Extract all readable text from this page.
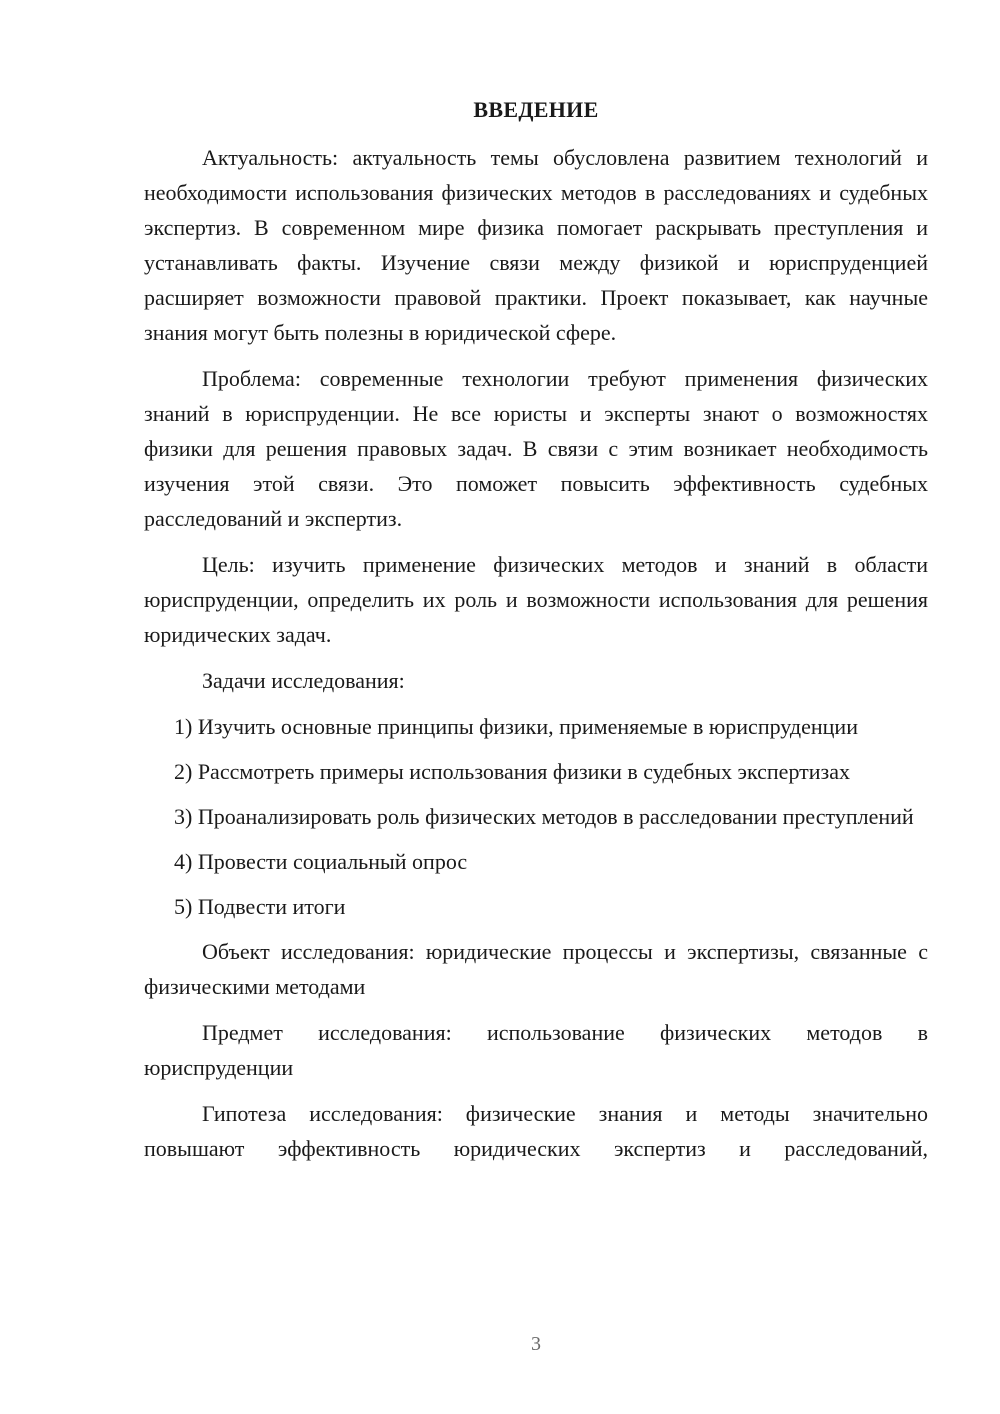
ВВЕДЕНИЕ

Актуальность: актуальность темы обусловлена развитием технологий и необходимости использования физических методов в расследованиях и судебных экспертиз. В современном мире физика помогает раскрывать преступления и устанавливать факты. Изучение связи между физикой и юриспруденцией расширяет возможности правовой практики. Проект показывает, как научные знания могут быть полезны в юридической сфере.

Проблема: современные технологии требуют применения физических знаний в юриспруденции. Не все юристы и эксперты знают о возможностях физики для решения правовых задач. В связи с этим возникает необходимость изучения этой связи. Это поможет повысить эффективность судебных расследований и экспертиз.

Цель: изучить применение физических методов и знаний в области юриспруденции, определить их роль и возможности использования для решения юридических задач.

Задачи исследования:

1) Изучить основные принципы физики, применяемые в юриспруденции

2) Рассмотреть примеры использования физики в судебных экспертизах

3) Проанализировать роль физических методов в расследовании преступлений

4) Провести социальный опрос

5) Подвести итоги

Объект исследования: юридические процессы и экспертизы, связанные с физическими методами

Предмет исследования: использование физических методов в юриспруденции

Гипотеза исследования: физические знания и методы значительно повышают эффективность юридических экспертиз и расследований,

3
